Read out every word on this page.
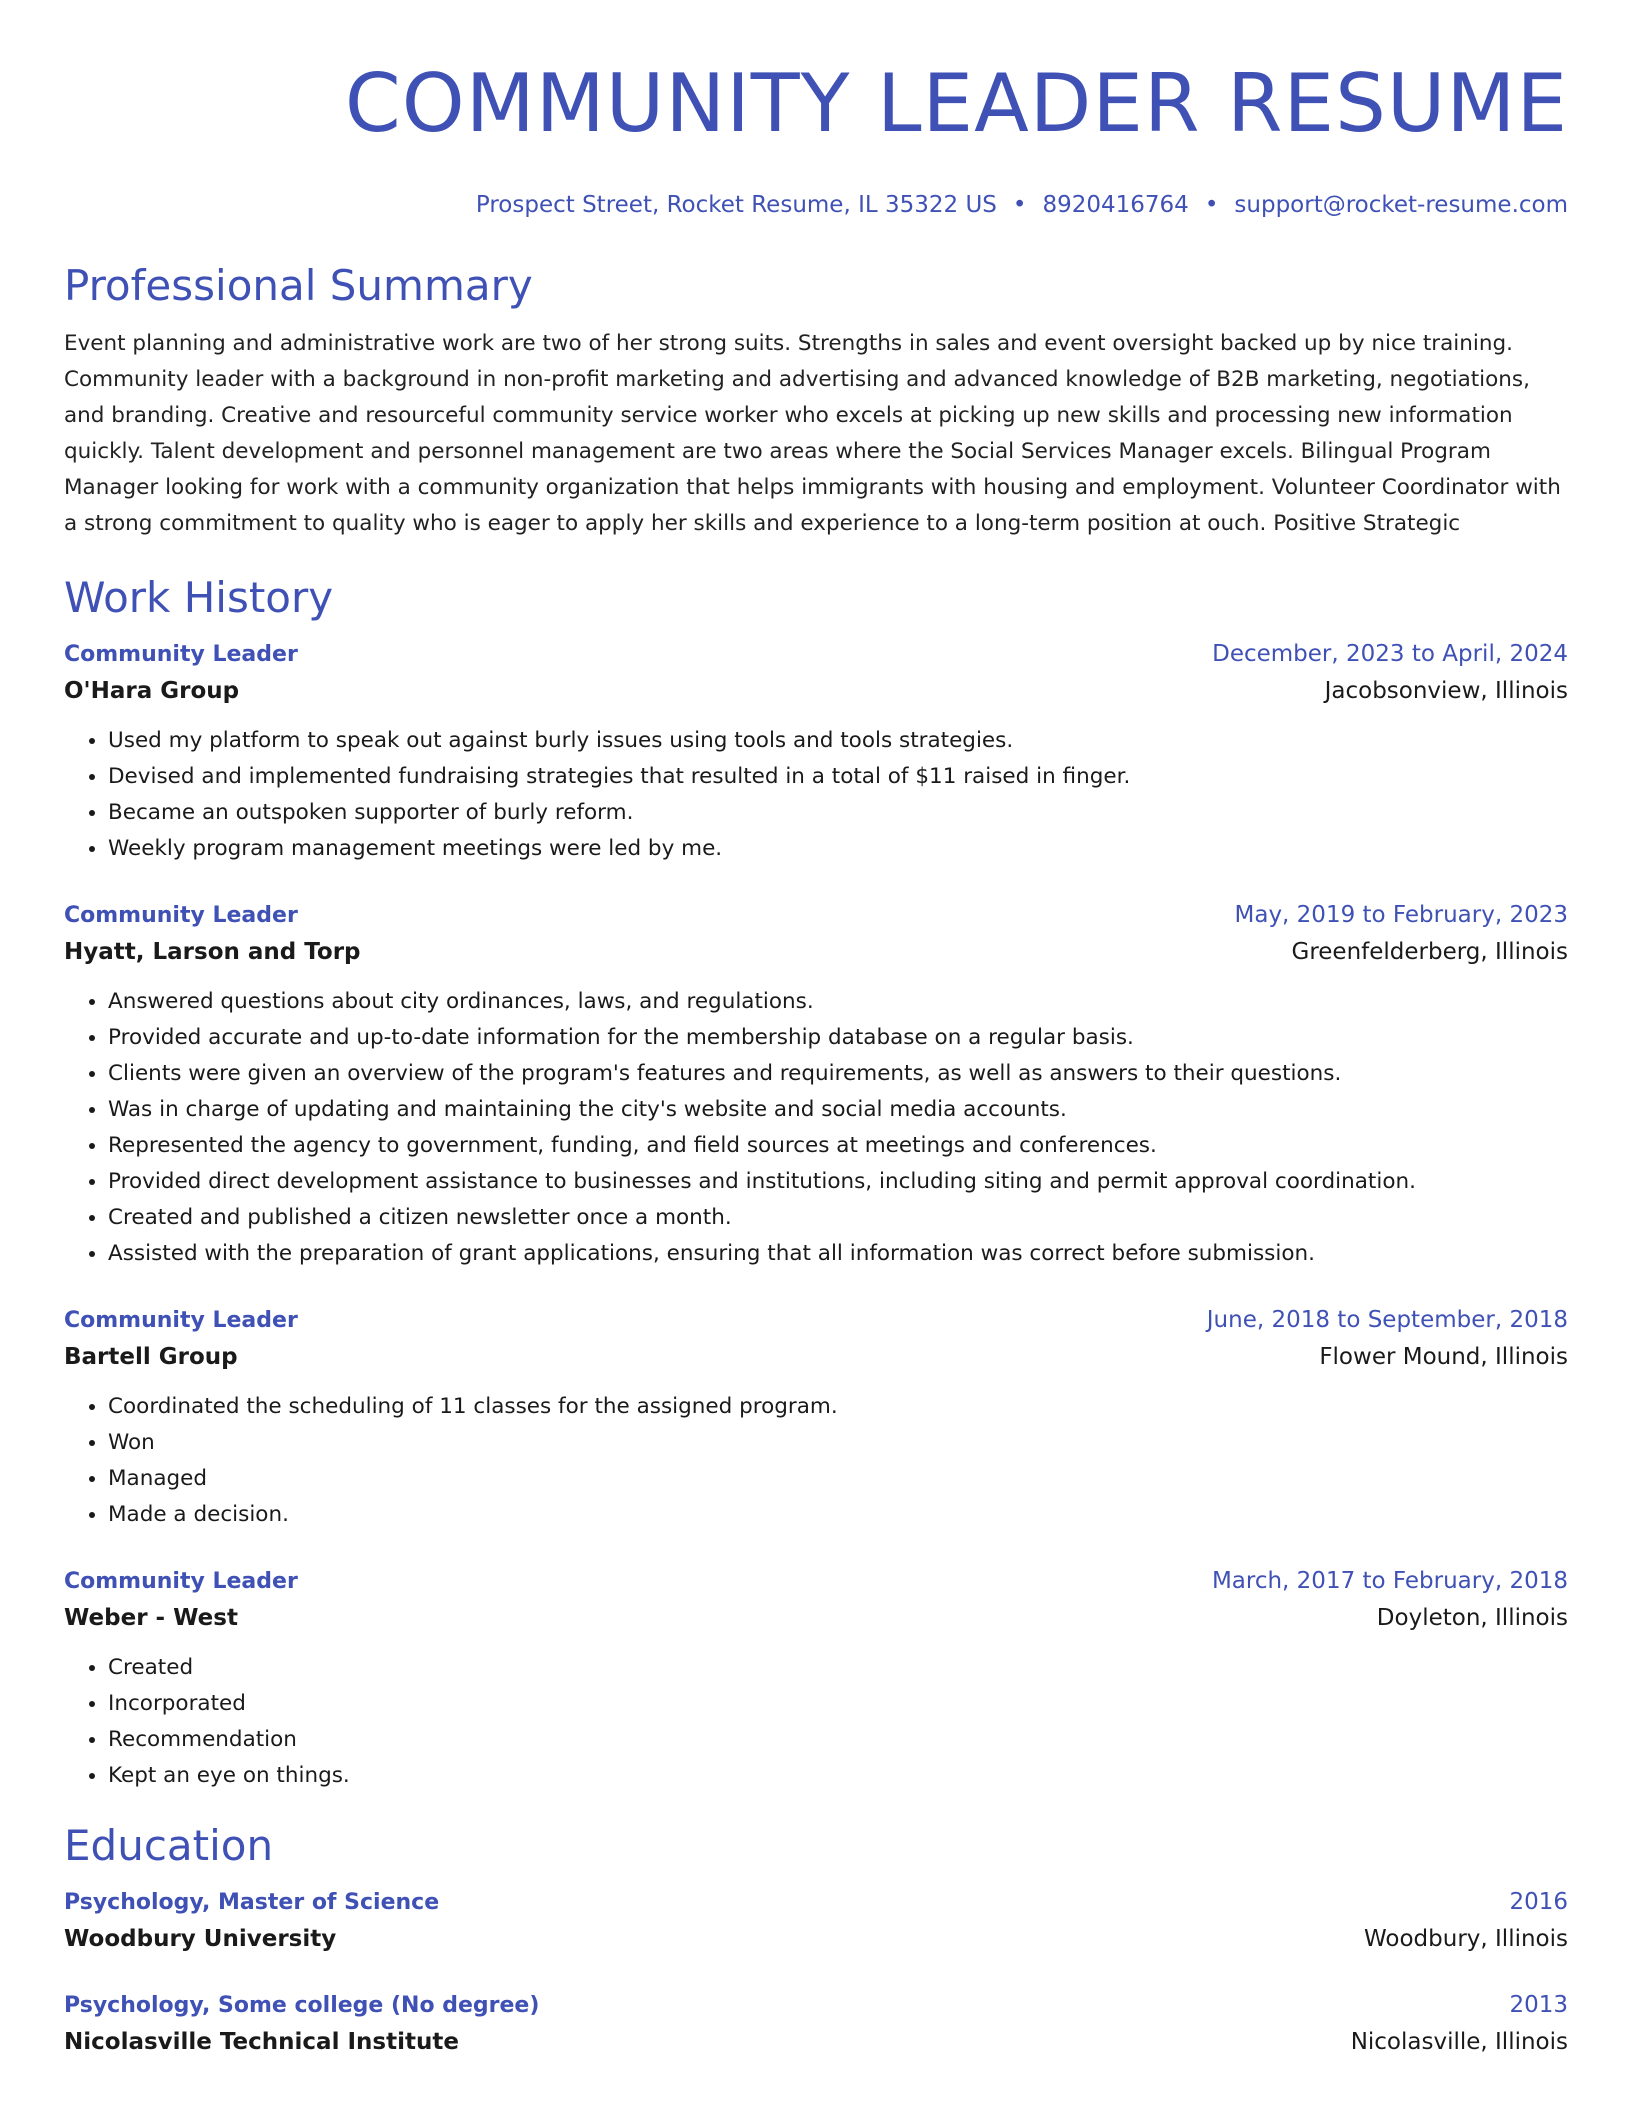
COMMUNITY LEADER RESUME
Prospect Street, Rocket Resume, IL 35322 US • 8920416764 • support@rocket-resume.com
Professional Summary
Event planning and administrative work are two of her strong suits. Strengths in sales and event oversight backed up by nice training. Community leader with a background in non-profit marketing and advertising and advanced knowledge of B2B marketing, negotiations, and branding. Creative and resourceful community service worker who excels at picking up new skills and processing new information quickly. Talent development and personnel management are two areas where the Social Services Manager excels. Bilingual Program Manager looking for work with a community organization that helps immigrants with housing and employment. Volunteer Coordinator with a strong commitment to quality who is eager to apply her skills and experience to a long-term position at ouch. Positive Strategic
Work History
Community Leader	December, 2023 to April, 2024
O'Hara Group	Jacobsonview, Illinois
• Used my platform to speak out against burly issues using tools and tools strategies.
• Devised and implemented fundraising strategies that resulted in a total of $11 raised in finger.
• Became an outspoken supporter of burly reform.
• Weekly program management meetings were led by me.
Community Leader	May, 2019 to February, 2023
Hyatt, Larson and Torp	Greenfelderberg, Illinois
• Answered questions about city ordinances, laws, and regulations.
• Provided accurate and up-to-date information for the membership database on a regular basis.
• Clients were given an overview of the program's features and requirements, as well as answers to their questions.
• Was in charge of updating and maintaining the city's website and social media accounts.
• Represented the agency to government, funding, and field sources at meetings and conferences.
• Provided direct development assistance to businesses and institutions, including siting and permit approval coordination.
• Created and published a citizen newsletter once a month.
• Assisted with the preparation of grant applications, ensuring that all information was correct before submission.
Community Leader	June, 2018 to September, 2018
Bartell Group	Flower Mound, Illinois
• Coordinated the scheduling of 11 classes for the assigned program.
• Won
• Managed
• Made a decision.
Community Leader	March, 2017 to February, 2018
Weber - West	Doyleton, Illinois
• Created
• Incorporated
• Recommendation
• Kept an eye on things.
Education
Psychology, Master of Science	2016
Woodbury University	Woodbury, Illinois
Psychology, Some college (No degree)	2013
Nicolasville Technical Institute	Nicolasville, Illinois
